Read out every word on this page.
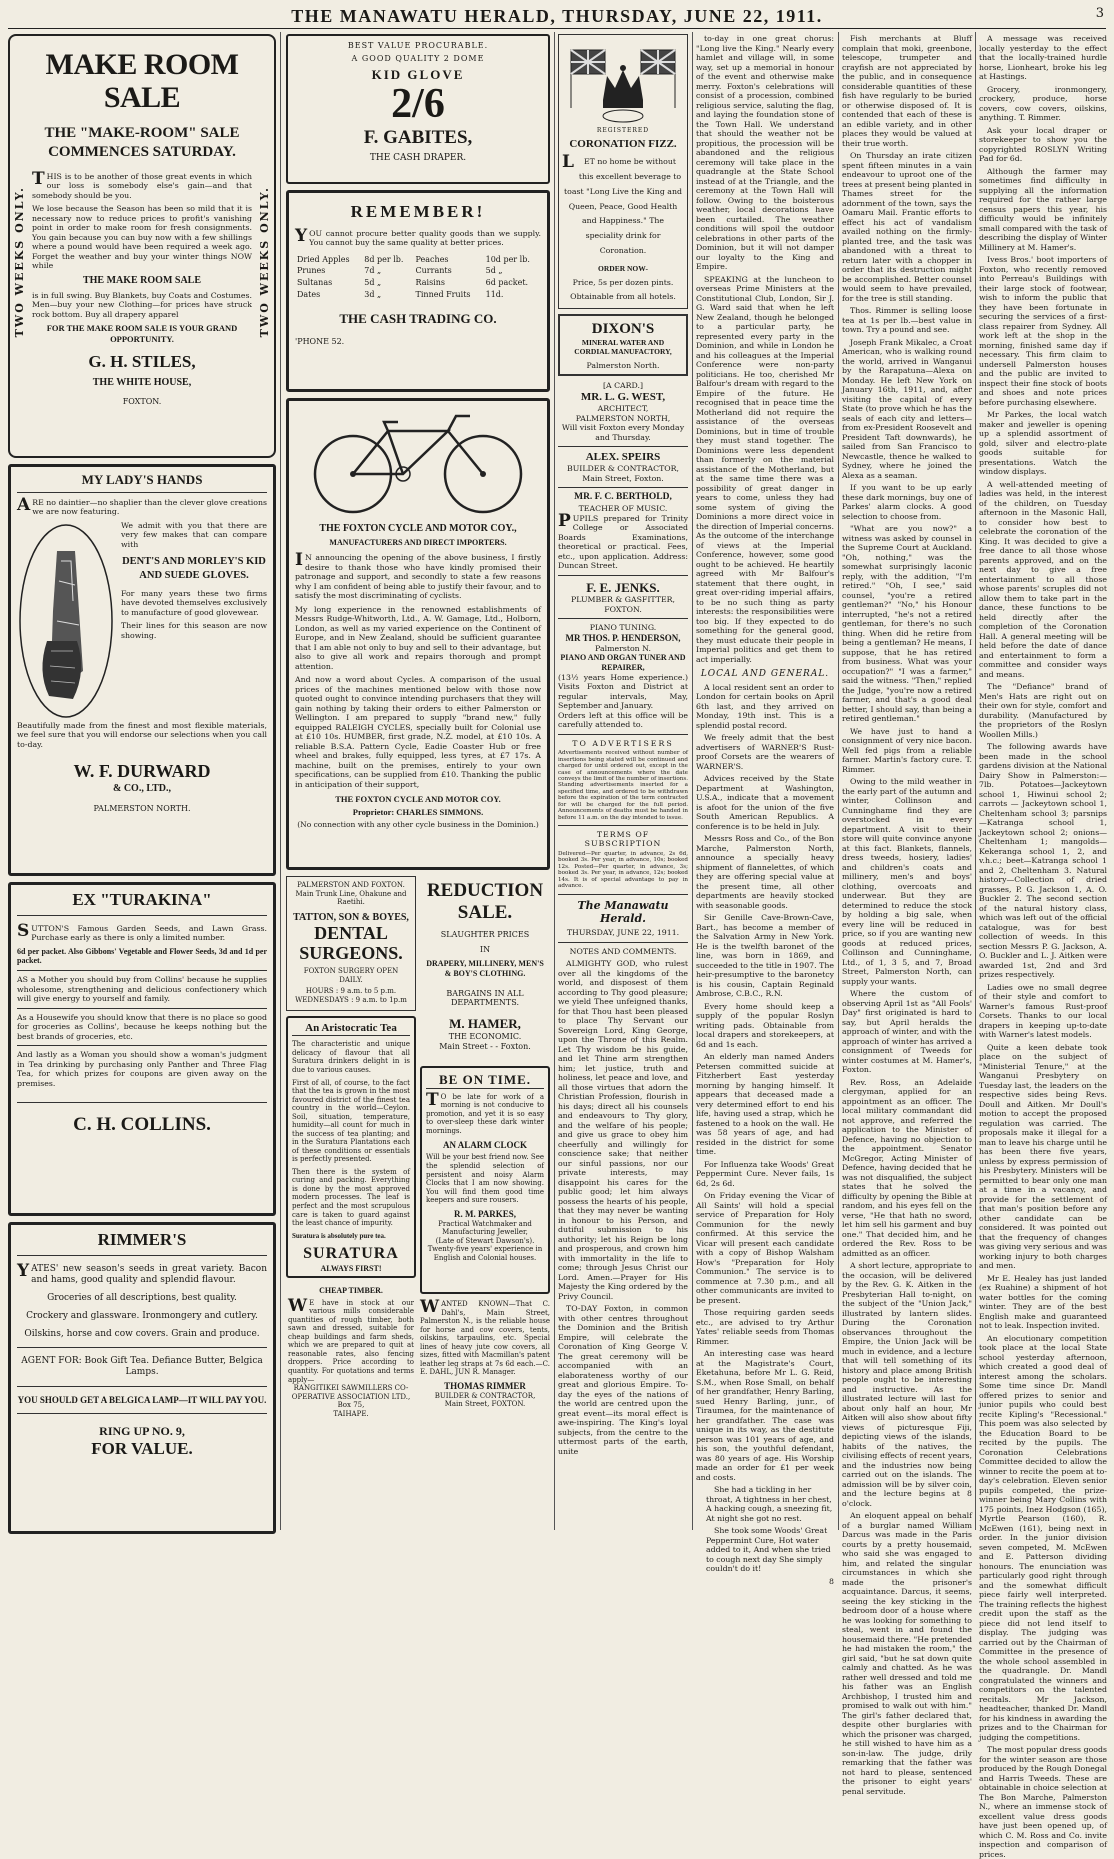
THE MANAWATU HERALD, THURSDAY, JUNE 22, 1911.	3
TWO WEEKS ONLY.	TWO WEEKS ONLY.
MAKE ROOM SALE
THE "MAKE-ROOM" SALE COMMENCES SATURDAY.

THIS is to be another of those great events in which our loss is somebody else's gain—and that somebody should be you.

We lose because the Season has been so mild that it is necessary now to reduce prices to profit's vanishing point in order to make room for fresh consignments. You gain because you can buy now with a few shillings where a pound would have been required a week ago. Forget the weather and buy your winter things NOW while

THE MAKE ROOM SALE

is in full swing. Buy Blankets, buy Coats and Costumes. Men—buy your new Clothing—for prices have struck rock bottom. Buy all drapery apparel

FOR THE MAKE ROOM SALE IS YOUR GRAND OPPORTUNITY.
G. H. STILES,
THE WHITE HOUSE,
FOXTON.
MY LADY'S HANDS

ARE no daintier—no shaplier than the clever glove creations we are now featuring.

We admit with you that there are very few makes that can compare with

DENT'S AND MORLEY'S KID AND SUEDE GLOVES.

For many years these two firms have devoted themselves exclusively to manufacture of good glovewear.

Their lines for this season are now showing.

Beautifully made from the finest and most flexible materials, we feel sure that you will endorse our selections when you call to-day.

W. F. DURWARD
& CO., LTD.,
PALMERSTON NORTH.
EX "TURAKINA"

SUTTON'S Famous Garden Seeds, and Lawn Grass. Purchase early as there is only a limited number.

6d per packet. Also Gibbons' Vegetable and Flower Seeds, 3d and 1d per packet.

AS a Mother you should buy from Collins' because he supplies wholesome, strengthening and delicious confectionery which will give energy to yourself and family.

As a Housewife you should know that there is no place so good for groceries as Collins', because he keeps nothing but the best brands of groceries, etc.

And lastly as a Woman you should show a woman's judgment in Tea drinking by purchasing only Panther and Three Flag Tea, for which prizes for coupons are given away on the premises.

C. H. COLLINS.
RIMMER'S

YATES' new season's seeds in great variety. Bacon and hams, good quality and splendid flavour.

Groceries of all descriptions, best quality.
Crockery and glassware. Ironmongery and cutlery.
Oilskins, horse and cow covers. Grain and produce.
AGENT FOR: Book Gift Tea. Defiance Butter, Belgica Lamps.
YOU SHOULD GET A BELGICA LAMP—IT WILL PAY YOU.
RING UP NO. 9,
FOR VALUE.
BEST VALUE PROCURABLE.
A GOOD QUALITY 2 DOME
KID GLOVE
2/6
F. GABITES,
THE CASH DRAPER.
REMEMBER!

YOU cannot procure better quality goods than we supply. You cannot buy the same quality at better prices.

Dried Apples	8d per lb.	Peaches	10d per lb.
Prunes	7d „	Currants	5d „
Sultanas	5d „	Raisins	6d packet.
Dates	3d „	Tinned Fruits	11d.
THE CASH TRADING CO.
'PHONE 52.
THE FOXTON CYCLE AND MOTOR COY.,
MANUFACTURERS AND DIRECT IMPORTERS.

IN announcing the opening of the above business, I firstly desire to thank those who have kindly promised their patronage and support, and secondly to state a few reasons why I am confident of being able to justify their favour, and to satisfy the most discriminating of cyclists.

My long experience in the renowned establishments of Messrs Rudge-Whitworth, Ltd., A. W. Gamage, Ltd., Holborn, London, as well as my varied experience on the Continent of Europe, and in New Zealand, should be sufficient guarantee that I am able not only to buy and sell to their advantage, but also to give all work and repairs thorough and prompt attention.

And now a word about Cycles. A comparison of the usual prices of the machines mentioned below with those now quoted ought to convince intending purchasers that they will gain nothing by taking their orders to either Palmerston or Wellington. I am prepared to supply "brand new," fully equipped RALEIGH CYCLES, specially built for Colonial use at £10 10s. HUMBER, first grade, N.Z. model, at £10 10s. A reliable B.S.A. Pattern Cycle, Eadie Coaster Hub or free wheel and brakes, fully equipped, less tyres, at £7 17s. A machine, built on the premises, entirely to your own specifications, can be supplied from £10. Thanking the public in anticipation of their support,

THE FOXTON CYCLE AND MOTOR COY.
Proprietor: CHARLES SIMMONS.
(No connection with any other cycle business in the Dominion.)
PALMERSTON AND FOXTON.
Main Trunk Line, Ohakune and Raetihi.
TATTON, SON & BOYES,
DENTAL SURGEONS.
FOXTON SURGERY OPEN DAILY.
HOURS : 9 a.m. to 5 p.m.
WEDNESDAYS : 9 a.m. to 1p.m
An Aristocratic Tea

The characteristic and unique delicacy of flavour that all Suratura drinkers delight in is due to various causes.

First of all, of course, to the fact that the tea is grown in the most favoured district of the finest tea country in the world—Ceylon. Soil, situation, temperature, humidity—all count for much in the success of tea planting; and in the Suratura Plantations each of these conditions or essentials is perfectly presented.

Then there is the system of curing and packing. Everything is done by the most approved modern processes. The leaf is perfect and the most scrupulous care is taken to guard against the least chance of impurity.

Suratura is absolutely pure tea.

SURATURA
ALWAYS FIRST!
CHEAP TIMBER.

WE have in stock at our various mills considerable quantities of rough timber, both sawn and dressed, suitable for cheap buildings and farm sheds, which we are prepared to quit at reasonable rates, also fencing droppers. Price according to quantity. For quotations and terms apply—

RANGITIKEI SAWMILLERS CO-OPERATIVE ASSOCIATION LTD.,
Box 75,
TAIHAPE.
REDUCTION SALE.
SLAUGHTER PRICES
IN
DRAPERY, MILLINERY, MEN'S & BOY'S CLOTHING.
BARGAINS IN ALL DEPARTMENTS.
M. HAMER,
THE ECONOMIC.
Main Street - - Foxton.
BE ON TIME.

TO be late for work of a morning is not conducive to promotion, and yet it is so easy to over-sleep these dark winter mornings.

AN ALARM CLOCK

Will be your best friend now. See the splendid selection of persistent and noisy Alarm Clocks that I am now showing. You will find them good time keepers and sure rousers.

R. M. PARKES,
Practical Watchmaker and Manufacturing Jeweller,
(Late of Stewart Dawson's).
Twenty-five years' experience in English and Colonial houses.

WANTED KNOWN—That C. Dahl's, Main Street, Palmerston N., is the reliable house for horse and cow covers, tents, oilskins, tarpaulins, etc. Special lines of heavy jute cow covers, all sizes, fitted with Macmillan's patent leather leg straps at 7s 6d each.—C. E. DAHL, JUN R. Manager.

THOMAS RIMMER
BUILDER & CONTRACTOR,
Main Street, FOXTON.
REGISTERED
CORONATION FIZZ.

LET no home be without this excellent beverage to toast "Long Live the King and Queen, Peace, Good Health and Happiness." The speciality drink for Coronation.

ORDER NOW-
Price, 5s per dozen pints.
Obtainable from all hotels.
DIXON'S
MINERAL WATER AND CORDIAL MANUFACTORY,
Palmerston North.
[A CARD.]
MR. L. G. WEST,
ARCHITECT,
PALMERSTON NORTH,

Will visit Foxton every Monday and Thursday.

ALEX. SPEIRS
BUILDER & CONTRACTOR,
Main Street, Foxton.
MR. F. C. BERTHOLD,
TEACHER OF MUSIC.

PUPILS prepared for Trinity College or Associated Boards Examinations, theoretical or practical. Fees, etc., upon application. Address: Duncan Street.

F. E. JENKS.
PLUMBER & GASFITTER,
FOXTON.
PIANO TUNING.
MR THOS. P. HENDERSON,
Palmerston N.
PIANO AND ORGAN TUNER AND REPAIRER,

(13½ years Home experience.) Visits Foxton and District at regular intervals, May, September and January.

Orders left at this office will be carefully attended to.

TO ADVERTISERS

Advertisements received without number of insertions being stated will be continued and charged for until ordered out, except in the case of announcements where the date conveys the limit of the number of insertions. Standing advertisements inserted for a specified time, and ordered to be withdrawn before the expiration of the term contracted for will be charged for the full period. Announcements of deaths must be handed in before 11 a.m. on the day intended to issue.

TERMS OF SUBSCRIPTION

Delivered—Per quarter, in advance, 2s 6d, booked 3s. Per year, in advance, 10s; booked 12s. Posted—Per quarter, in advance, 3s; booked 3s. Per year, in advance, 12s; booked 14s. It is of special advantage to pay in advance.

The Manawatu Herald.
THURSDAY, JUNE 22, 1911.
NOTES AND COMMENTS.

ALMIGHTY GOD, who rulest over all the kingdoms of the world, and disposest of them according to Thy good pleasure; we yield Thee unfeigned thanks, for that Thou hast been pleased to place Thy Servant our Sovereign Lord, King George, upon the Throne of this Realm. Let Thy wisdom be his guide, and let Thine arm strengthen him; let justice, truth and holiness, let peace and love, and all those virtues that adorn the Christian Profession, flourish in his days; direct all his counsels and endeavours to Thy glory, and the welfare of his people; and give us grace to obey him cheerfully and willingly for conscience sake; that neither our sinful passions, nor our private interests, may disappoint his cares for the public good; let him always possess the hearts of his people, that they may never be wanting in honour to his Person, and dutiful submission to his authority; let his Reign be long and prosperous, and crown him with immortality in the life to come; through Jesus Christ our Lord. Amen.—Prayer for His Majesty the King ordered by the Privy Council.

TO-DAY Foxton, in common with other centres throughout the Dominion and the British Empire, will celebrate the Coronation of King George V. The great ceremony will be accompanied with an elaborateness worthy of our great and glorious Empire. To-day the eyes of the nations of the world are centred upon the great event—its moral effect is awe-inspiring. The King's loyal subjects, from the centre to the uttermost parts of the earth, unite

to-day in one great chorus: "Long live the King." Nearly every hamlet and village will, in some way, set up a memorial in honour of the event and otherwise make merry. Foxton's celebrations will consist of a procession, combined religious service, saluting the flag, and laying the foundation stone of the Town Hall. We understand that should the weather not be propitious, the procession will be abandoned and the religious ceremony will take place in the quadrangle at the State School instead of at the Triangle, and the ceremony at the Town Hall will follow. Owing to the boisterous weather, local decorations have been curtailed. The weather conditions will spoil the outdoor celebrations in other parts of the Dominion, but it will not damper our loyalty to the King and Empire.

SPEAKING at the luncheon to overseas Prime Ministers at the Constitutional Club, London, Sir J. G. Ward said that when he left New Zealand, though he belonged to a particular party, he represented every party in the Dominion, and while in London he and his colleagues at the Imperial Conference were non-party politicians. He too, cherished Mr Balfour's dream with regard to the Empire of the future. He recognised that in peace time the Motherland did not require the assistance of the overseas Dominions, but in time of trouble they must stand together. The Dominions were less dependent than formerly on the material assistance of the Motherland, but at the same time there was a possibility of great danger in years to come, unless they had some system of giving the Dominions a more direct voice in the direction of Imperial concerns. As the outcome of the interchange of views at the Imperial Conference, however, some good ought to be achieved. He heartily agreed with Mr Balfour's statement that there ought, in great over-riding imperial affairs, to be no such thing as party interests: the responsibilities were too big. If they expected to do something for the general good, they must educate their people in Imperial politics and get them to act imperially.

LOCAL AND GENERAL.

A local resident sent an order to London for certain books on April 6th last, and they arrived on Monday, 19th inst. This is a splendid postal record.

We freely admit that the best advertisers of WARNER'S Rust-proof Corsets are the wearers of WARNER'S.

Advices received by the State Department at Washington, U.S.A., indicate that a movement is afoot for the union of the five South American Republics. A conference is to be held in July.

Messrs Ross and Co., of the Bon Marche, Palmerston North, announce a specially heavy shipment of flannelettes, of which they are offering special value at the present time, all other departments are heavily stocked with seasonable goods.

Sir Genille Cave-Brown-Cave, Bart., has become a member of the Salvation Army in New York. He is the twelfth baronet of the line, was born in 1869, and succeeded to the title in 1907. The heir-presumptive to the baronetcy is his cousin, Captain Reginald Ambrose, C.B.C., R.N.

Every home should keep a supply of the popular Roslyn writing pads. Obtainable from local drapers and storekeepers, at 6d and 1s each.

An elderly man named Anders Petersen committed suicide at Fitzherbert East yesterday morning by hanging himself. It appears that deceased made a very determined effort to end his life, having used a strap, which he fastened to a hook on the wall. He was 58 years of age, and had resided in the district for some time.

For Influenza take Woods' Great Peppermint Cure. Never fails, 1s 6d, 2s 6d.

On Friday evening the Vicar of All Saints' will hold a special service of Preparation for Holy Communion for the newly confirmed. At this service the Vicar will present each candidate with a copy of Bishop Walsham How's "Preparation for Holy Communion." The service is to commence at 7.30 p.m., and all other communicants are invited to be present.

Those requiring garden seeds etc., are advised to try Arthur Yates' reliable seeds from Thomas Rimmer.

An interesting case was heard at the Magistrate's Court, Eketahuna, before Mr L. G. Reid, S.M., when Rose Small, on behalf of her grandfather, Henry Barling, sued Henry Barling, junr., of Tiraumea, for the maintenance of her grandfather. The case was unique in its way, as the destitute person was 101 years of age, and his son, the youthful defendant, was 80 years of age. His Worship made an order for £1 per week and costs.

She had a tickling in her throat, A tightness in her chest, A hacking cough, a sneezing fit, At night she got no rest.

She took some Woods' Great Peppermint Cure, Hot water added to it, And when she tried to cough next day She simply couldn't do it!

8

Fish merchants at Bluff complain that moki, greenbone, telescope, trumpeter and crayfish are not appreciated by the public, and in consequence considerable quantities of these fish have regularly to be buried or otherwise disposed of. It is contended that each of these is an edible variety, and in other places they would be valued at their true worth.

On Thursday an irate citizen spent fifteen minutes in a vain endeavour to uproot one of the trees at present being planted in Thames street for the adornment of the town, says the Oamaru Mail. Frantic efforts to effect his act of vandalism availed nothing on the firmly-planted tree, and the task was abandoned with a threat to return later with a chopper in order that its destruction might be accomplished. Better counsel would seem to have prevailed, for the tree is still standing.

Thos. Rimmer is selling loose tea at 1s per lb.—best value in town. Try a pound and see.

Joseph Frank Mikalec, a Croat American, who is walking round the world, arrived in Wanganui by the Rarapatuna—Alexa on Monday. He left New York on January 16th, 1911, and, after visiting the capital of every State (to prove which he has the seals of each city and letters—from ex-President Roosevelt and President Taft downwards), he sailed from San Francisco to Newcastle, thence he walked to Sydney, where he joined the Alexa as a seaman.

If you want to be up early these dark mornings, buy one of Parkes' alarm clocks. A good selection to choose from.

"What are you now?" a witness was asked by counsel in the Supreme Court at Auckland. "Oh, nothing," was the somewhat surprisingly laconic reply, with the addition, "I'm retired." "Oh, I see," said counsel, "you're a retired gentleman?" "No," his Honour interrupted, "he's not a retired gentleman, for there's no such thing. When did he retire from being a gentleman? He means, I suppose, that he has retired from business. What was your occupation?" "I was a farmer," said the witness. "Then," replied the Judge, "you're now a retired farmer, and that's a good deal better, I should say, than being a retired gentleman."

We have just to hand a consignment of very nice bacon. Well fed pigs from a reliable farmer. Martin's factory cure. T. Rimmer.

Owing to the mild weather in the early part of the autumn and winter, Collinson and Cunninghame find they are overstocked in every department. A visit to their store will quite convince anyone at this fact. Blankets, flannels, dress tweeds, hosiery, ladies' and children's coats and millinery, men's and boys' clothing, overcoats and underwear. But they are determined to reduce the stock by holding a big sale, when every line will be reduced in price, so if you are wanting new goods at reduced prices, Collinson and Cunninghame, Ltd., of 1, 3 5, and 7, Broad Street, Palmerston North, can supply your wants.

Where the custom of observing April 1st as "All Fools' Day" first originated is hard to say, but April heralds the approach of winter, and with the approach of winter has arrived a consignment of Tweeds for winter costumes at M. Hamer's, Foxton.

Rev. Ross, an Adelaide clergyman, applied for an appointment as an officer. The local military commandant did not approve, and referred the application to the Minister of Defence, having no objection to the appointment. Senator McGregor, Acting Minister of Defence, having decided that he was not disqualified, the subject states that he solved the difficulty by opening the Bible at random, and his eyes fell on the verse, "He that hath no sword, let him sell his garment and buy one." That decided him, and he ordered the Rev. Ross to be admitted as an officer.

A short lecture, appropriate to the occasion, will be delivered by the Rev. G. K. Aitken in the Presbyterian Hall to-night, on the subject of the "Union Jack," illustrated by lantern slides. During the Coronation observances throughout the Empire, the Union Jack will be much in evidence, and a lecture that will tell something of its history and place among British people ought to be interesting and instructive. As the illustrated lecture will last for about only half an hour, Mr Aitken will also show about fifty views of picturesque Fiji, depicting views of the islands, habits of the natives, the civilising effects of recent years, and the industries now being carried out on the islands. The admission will be by silver coin, and the lecture begins at 8 o'clock.

An eloquent appeal on behalf of a burglar named William Darcus was made in the Paris courts by a pretty housemaid, who said she was engaged to him, and related the singular circumstances in which she made the prisoner's acquaintance. Darcus, it seems, seeing the key sticking in the bedroom door of a house where he was looking for something to steal, went in and found the housemaid there. "He pretended he had mistaken the room," the girl said, "but he sat down quite calmly and chatted. As he was rather well dressed and told me his father was an English Archbishop, I trusted him and promised to walk out with him." The girl's father declared that, despite other burglaries with which the prisoner was charged, he still wished to have him as a son-in-law. The judge, drily remarking that the father was not hard to please, sentenced the prisoner to eight years' penal servitude.

A message was received locally yesterday to the effect that the locally-trained hurdle horse, Lionheart, broke his leg at Hastings.

Grocery, ironmongery, crockery, produce, horse covers, cow covers, oilskins, anything. T. Rimmer.

Ask your local draper or storekeeper to show you the copyrighted ROSLYN Writing Pad for 6d.

Although the farmer may sometimes find difficulty in supplying all the information required for the rather large census papers this year, his difficulty would be infinitely small compared with the task of describing the display of Winter Millinery at M. Hamer's.

Ivess Bros.' boot importers of Foxton, who recently removed into Perreau's Buildings with their large stock of footwear, wish to inform the public that they have been fortunate in securing the services of a first-class repairer from Sydney. All work left at the shop in the morning, finished same day if necessary. This firm claim to undersell Palmerston houses and the public are invited to inspect their fine stock of boots and shoes and note prices before purchasing elsewhere.

Mr Parkes, the local watch maker and jeweller is opening up a splendid assortment of gold, silver and electro-plate goods suitable for presentations. Watch the window displays.

A well-attended meeting of ladies was held, in the interest of the children, on Tuesday afternoon in the Masonic Hall, to consider how best to celebrate the coronation of the King. It was decided to give a free dance to all those whose parents approved, and on the next day to give a free entertainment to all those whose parents' scruples did not allow them to take part in the dance, these functions to be held directly after the completion of the Coronation Hall. A general meeting will be held before the date of dance and entertainment to form a committee and consider ways and means.

The "Defiance" brand of Men's Hats are right out on their own for style, comfort and durability. (Manufactured by the proprietors of the Roslyn Woollen Mills.)

The following awards have been made in the school gardens division at the National Dairy Show in Palmerston:—7lb. Potatoes—Jackeytown school 1, Hiwinui school 2; carrots — Jackeytown school 1, Cheltenham school 3; parsnips—Katranga school 1, Jackeytown school 2; onions—Cheltenham 1; mangolds—Kekeranga school 1, 2, and v.h.c.; beet—Katranga school 1 and 2, Cheltenham 3. Natural history—Collection of dried grasses, P. G. Jackson 1, A. O. Buckler 2. The second section of the natural history class, which was left out of the official catalogue, was for best collection of weeds. In this section Messrs P. G. Jackson, A. O. Buckler and L. J. Aitken were awarded 1st, 2nd and 3rd prizes respectively.

Ladies owe no small degree of their style and comfort to Warner's famous Rust-proof Corsets. Thanks to our local drapers in keeping up-to-date with Warner's latest models.

Quite a keen debate took place on the subject of "Ministerial Tenure," at the Wanganui Presbytery on Tuesday last, the leaders on the respective sides being Revs. Doull and Aitken. Mr Doull's motion to accept the proposed regulation was carried. The proposals make it illegal for a man to leave his charge until he has been there five years, unless by express permission of his Presbytery. Ministers will be permitted to bear only one man at a time in a vacancy, and provide for the settlement of that man's position before any other candidate can be considered. It was pointed out that the frequency of changes was giving very serious and was working injury to both charges and men.

Mr E. Healey has just landed (ex Ruahine) a shipment of hot water bottles for the coming winter. They are of the best English make and guaranteed not to leak. Inspection invited.

An elocutionary competition took place at the local State school yesterday afternoon, which created a good deal of interest among the scholars. Some time since Dr. Mandl offered prizes to senior and junior pupils who could best recite Kipling's "Recessional." This poem was also selected by the Education Board to be recited by the pupils. The Coronation Celebrations Committee decided to allow the winner to recite the poem at to-day's celebration. Eleven senior pupils competed, the prize-winner being Mary Collins with 175 points, Inez Hodgson (165), Myrtle Pearson (160), R. McEwen (161), being next in order. In the junior division seven competed, M. McEwen and E. Patterson dividing honours. The enunciation was particularly good right through and the somewhat difficult piece fairly well interpreted. The training reflects the highest credit upon the staff as the piece did not lend itself to display. The judging was carried out by the Chairman of Committee in the presence of the whole school assembled in the quadrangle. Dr. Mandl congratulated the winners and competitors on the talented recitals. Mr Jackson, headteacher, thanked Dr. Mandl for his kindness in awarding the prizes and to the Chairman for judging the competitions.

The most popular dress goods for the winter season are those produced by the Rough Donegal and Harris Tweeds. These are obtainable in choice selection at The Bon Marche, Palmerston N., where an immense stock of excellent value dress goods have just been opened up, of which C. M. Ross and Co. invite inspection and comparison of prices.
